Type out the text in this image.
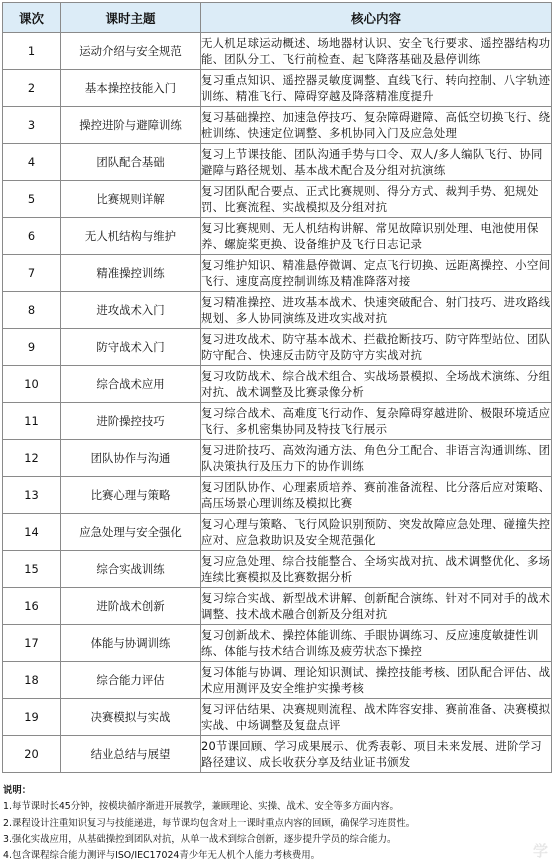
课次	课时主题	核心内容
1	运动介绍与安全规范	无人机足球运动概述、场地器材认识、安全飞行要求、遥控器结构功能、团队分工、飞行前检查、起飞降落基础及悬停训练
2	基本操控技能入门	复习重点知识、遥控器灵敏度调整、直线飞行、转向控制、八字轨迹训练、精准飞行、障碍穿越及降落精准度提升
3	操控进阶与避障训练	复习基础操控、加速急停技巧、复杂障碍避障、高低空切换飞行、绕桩训练、快速定位调整、多机协同入门及应急处理
4	团队配合基础	复习上节课技能、团队沟通手势与口令、双人/多人编队飞行、协同避障与路径规划、基本战术配合及分组对抗演练
5	比赛规则详解	复习团队配合要点、正式比赛规则、得分方式、裁判手势、犯规处罚、比赛流程、实战模拟及分组对抗
6	无人机结构与维护	复习比赛规则、无人机结构讲解、常见故障识别处理、电池使用保养、螺旋桨更换、设备维护及飞行日志记录
7	精准操控训练	复习维护知识、精准悬停微调、定点飞行切换、远距离操控、小空间飞行、速度高度控制训练及精准降落对接
8	进攻战术入门	复习精准操控、进攻基本战术、快速突破配合、射门技巧、进攻路线规划、多人协同演练及进攻实战对抗
9	防守战术入门	复习进攻战术、防守基本战术、拦截抢断技巧、防守阵型站位、团队防守配合、快速反击防守及防守方实战对抗
10	综合战术应用	复习攻防战术、综合战术组合、实战场景模拟、全场战术演练、分组对抗、战术调整及比赛录像分析
11	进阶操控技巧	复习综合战术、高难度飞行动作、复杂障碍穿越进阶、极限环境适应飞行、多机密集协同及特技飞行展示
12	团队协作与沟通	复习进阶技巧、高效沟通方法、角色分工配合、非语言沟通训练、团队决策执行及压力下的协作训练
13	比赛心理与策略	复习团队协作、心理素质培养、赛前准备流程、比分落后应对策略、高压场景心理训练及模拟比赛
14	应急处理与安全强化	复习心理与策略、飞行风险识别预防、突发故障应急处理、碰撞失控应对、应急救助识及安全规范强化
15	综合实战训练	复习应急处理、综合技能整合、全场实战对抗、战术调整优化、多场连续比赛模拟及比赛数据分析
16	进阶战术创新	复习综合实战、新型战术讲解、创新配合演练、针对不同对手的战术调整、技术战术融合创新及分组对抗
17	体能与协调训练	复习创新战术、操控体能训练、手眼协调练习、反应速度敏捷性训练、体能与技术结合训练及疲劳状态下操控
18	综合能力评估	复习体能与协调、理论知识测试、操控技能考核、团队配合评估、战术应用测评及安全维护实操考核
19	决赛模拟与实战	复习评估结果、决赛规则流程、战术阵容安排、赛前准备、决赛模拟实战、中场调整及复盘点评
20	结业总结与展望	20节课回顾、学习成果展示、优秀表彰、项目未来发展、进阶学习路径建议、成长收获分享及结业证书颁发
说明：
1.每节课时长45分钟，按模块循序渐进开展教学，兼顾理论、实操、战术、安全等多方面内容。
2.课程设计注重知识复习与技能递进，每节课均包含对上一课时重点内容的回顾，确保学习连贯性。
3.强化实战应用，从基础操控到团队对抗，从单一战术到综合创新，逐步提升学员的综合能力。
4.包含课程综合能力测评与ISO/IEC17024青少年无人机个人能力考核费用。	学
